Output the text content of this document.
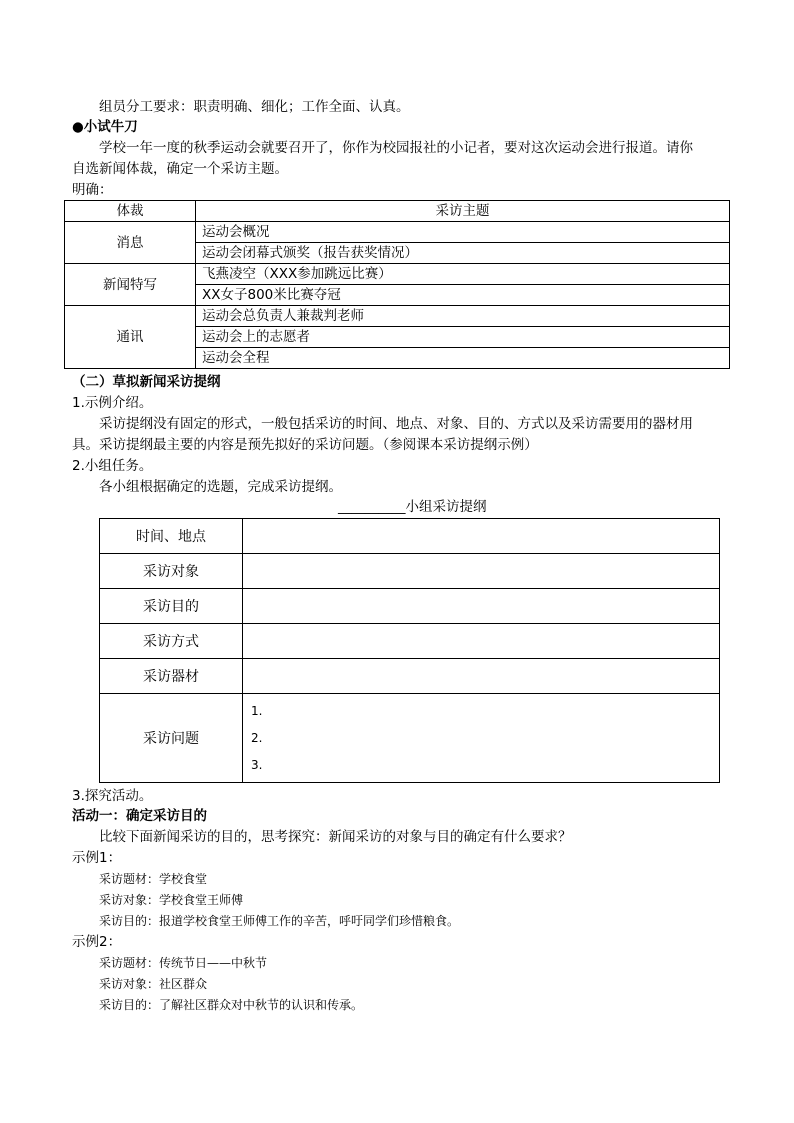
组员分工要求：职责明确、细化；工作全面、认真。
●小试牛刀
学校一年一度的秋季运动会就要召开了，你作为校园报社的小记者，要对这次运动会进行报道。请你
自选新闻体裁，确定一个采访主题。
明确：
体裁	采访主题
消息	运动会概况
	运动会闭幕式颁奖（报告获奖情况）
新闻特写	飞燕凌空（XXX参加跳远比赛）
	XX女子800米比赛夺冠
通讯	运动会总负责人兼裁判老师
	运动会上的志愿者
	运动会全程
（二）草拟新闻采访提纲
1.示例介绍。
采访提纲没有固定的形式，一般包括采访的时间、地点、对象、目的、方式以及采访需要用的器材用
具。采访提纲最主要的内容是预先拟好的采访问题。（参阅课本采访提纲示例）
2.小组任务。
各小组根据确定的选题，完成采访提纲。
__________小组采访提纲
时间、地点	
采访对象	
采访目的	
采访方式	
采访器材	
采访问题	1.
2.
3.
3.探究活动。
活动一：确定采访目的
比较下面新闻采访的目的，思考探究：新闻采访的对象与目的确定有什么要求？
示例1：
采访题材：学校食堂
采访对象：学校食堂王师傅
采访目的：报道学校食堂王师傅工作的辛苦，呼吁同学们珍惜粮食。
示例2：
采访题材：传统节日——中秋节
采访对象：社区群众
采访目的：了解社区群众对中秋节的认识和传承。
